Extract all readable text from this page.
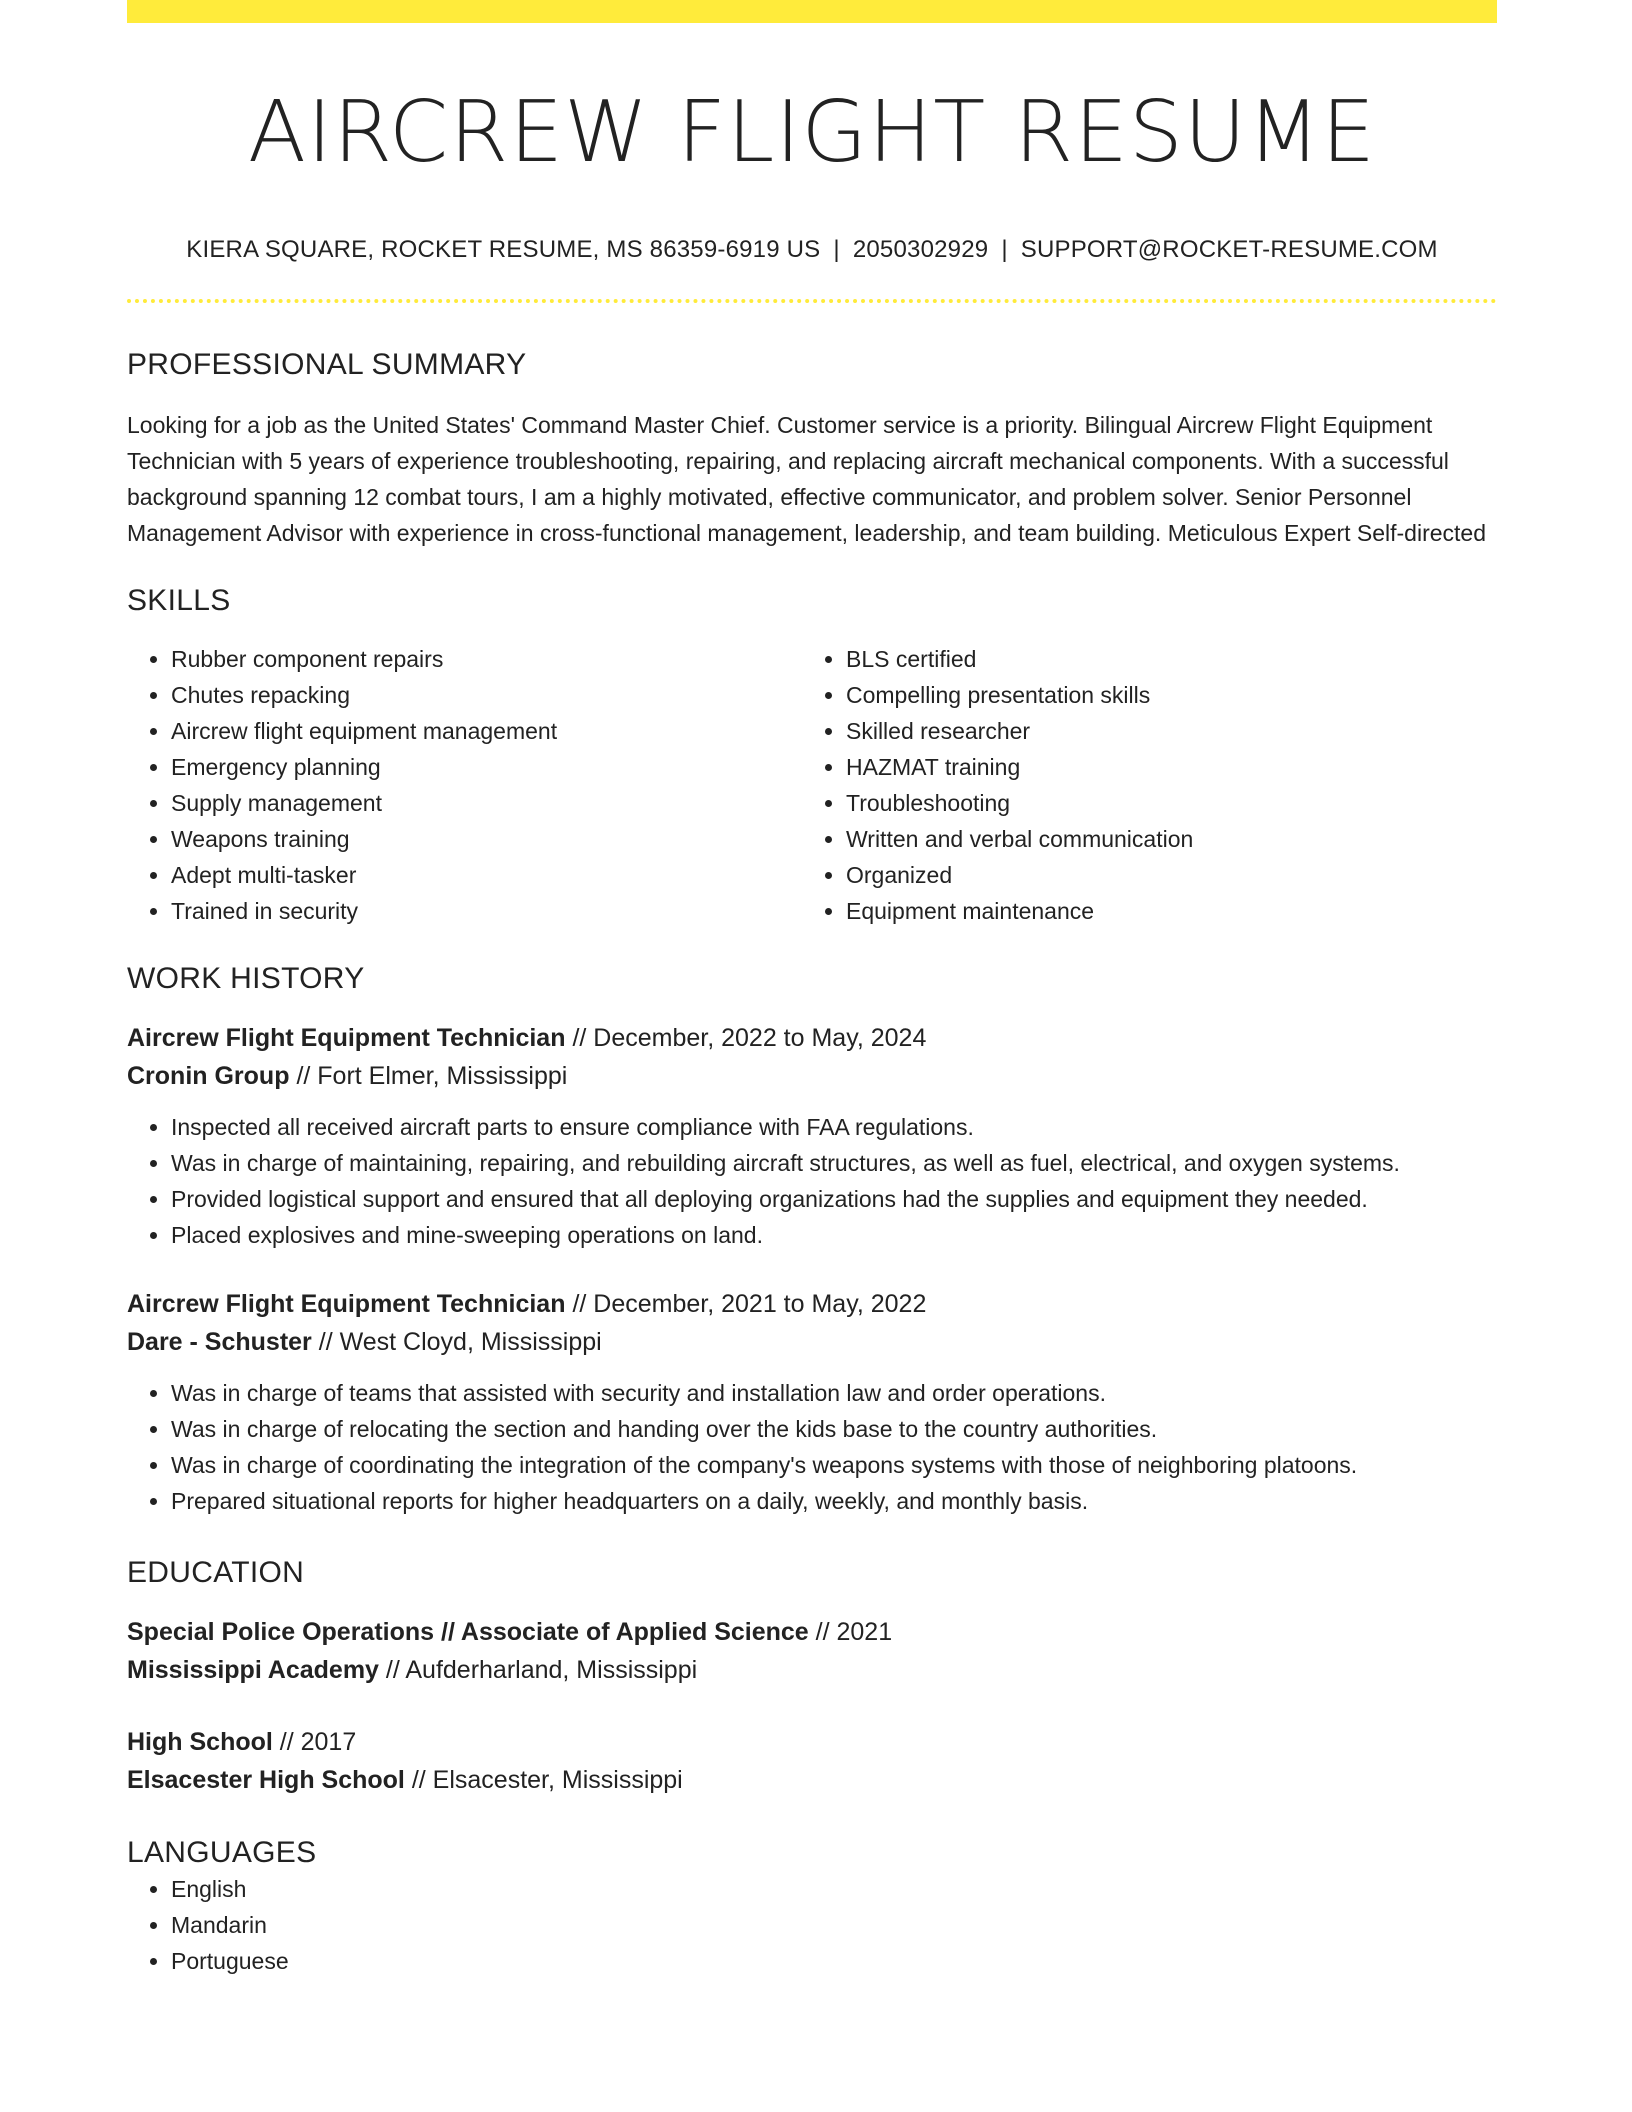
AIRCREW FLIGHT RESUME
KIERA SQUARE, ROCKET RESUME, MS 86359-6919 US | 2050302929 | SUPPORT@ROCKET-RESUME.COM
PROFESSIONAL SUMMARY
Looking for a job as the United States' Command Master Chief. Customer service is a priority. Bilingual Aircrew Flight Equipment Technician with 5 years of experience troubleshooting, repairing, and replacing aircraft mechanical components. With a successful background spanning 12 combat tours, I am a highly motivated, effective communicator, and problem solver. Senior Personnel Management Advisor with experience in cross-functional management, leadership, and team building. Meticulous Expert Self-directed
SKILLS
• Rubber component repairs
• Chutes repacking
• Aircrew flight equipment management
• Emergency planning
• Supply management
• Weapons training
• Adept multi-tasker
• Trained in security
• BLS certified
• Compelling presentation skills
• Skilled researcher
• HAZMAT training
• Troubleshooting
• Written and verbal communication
• Organized
• Equipment maintenance
WORK HISTORY
Aircrew Flight Equipment Technician // December, 2022 to May, 2024
Cronin Group // Fort Elmer, Mississippi
• Inspected all received aircraft parts to ensure compliance with FAA regulations.
• Was in charge of maintaining, repairing, and rebuilding aircraft structures, as well as fuel, electrical, and oxygen systems.
• Provided logistical support and ensured that all deploying organizations had the supplies and equipment they needed.
• Placed explosives and mine-sweeping operations on land.
Aircrew Flight Equipment Technician // December, 2021 to May, 2022
Dare - Schuster // West Cloyd, Mississippi
• Was in charge of teams that assisted with security and installation law and order operations.
• Was in charge of relocating the section and handing over the kids base to the country authorities.
• Was in charge of coordinating the integration of the company's weapons systems with those of neighboring platoons.
• Prepared situational reports for higher headquarters on a daily, weekly, and monthly basis.
EDUCATION
Special Police Operations // Associate of Applied Science // 2021
Mississippi Academy // Aufderharland, Mississippi
High School // 2017
Elsacester High School // Elsacester, Mississippi
LANGUAGES
• English
• Mandarin
• Portuguese
